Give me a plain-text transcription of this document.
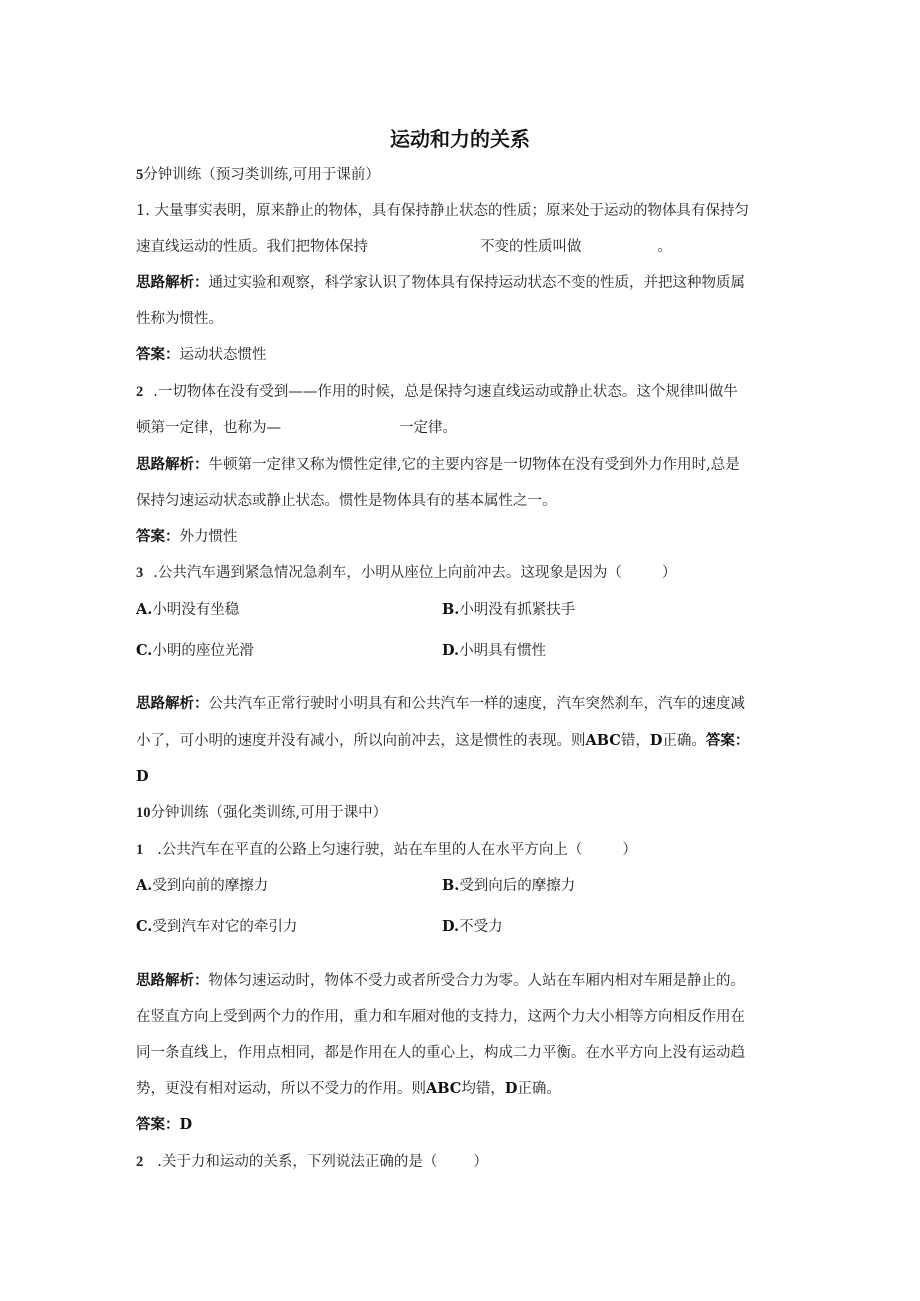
运动和力的关系
5分钟训练（预习类训练,可用于课前）
1. 大量事实表明，原来静止的物体，具有保持静止状态的性质；原来处于运动的物体具有保持匀
速直线运动的性质。我们把物体保持	不变的性质叫做	。
思路解析：通过实验和观察，科学家认识了物体具有保持运动状态不变的性质，并把这种物质属
性称为惯性。
答案：运动状态惯性
2 .一切物体在没有受到——作用的时候，总是保持匀速直线运动或静止状态。这个规律叫做牛
顿第一定律，也称为—	一定律。
思路解析：牛顿第一定律又称为惯性定律,它的主要内容是一切物体在没有受到外力作用时,总是
保持匀速运动状态或静止状态。惯性是物体具有的基本属性之一。
答案：外力惯性
3 .公共汽车遇到紧急情况急刹车，小明从座位上向前冲去。这现象是因为（	）
A.小明没有坐稳	B.小明没有抓紧扶手
C.小明的座位光滑	D.小明具有惯性
思路解析：公共汽车正常行驶时小明具有和公共汽车一样的速度，汽车突然刹车，汽车的速度减
小了，可小明的速度并没有减小，所以向前冲去，这是惯性的表现。则ABC错，D正确。答案：
D
10分钟训练（强化类训练,可用于课中）
1 .公共汽车在平直的公路上匀速行驶，站在车里的人在水平方向上（	）
A.受到向前的摩擦力	B.受到向后的摩擦力
C.受到汽车对它的牵引力	D.不受力
思路解析：物体匀速运动时，物体不受力或者所受合力为零。人站在车厢内相对车厢是静止的。
在竖直方向上受到两个力的作用，重力和车厢对他的支持力，这两个力大小相等方向相反作用在
同一条直线上，作用点相同，都是作用在人的重心上，构成二力平衡。在水平方向上没有运动趋
势，更没有相对运动，所以不受力的作用。则ABC均错，D正确。
答案：D
2 .关于力和运动的关系，下列说法正确的是（ ）
